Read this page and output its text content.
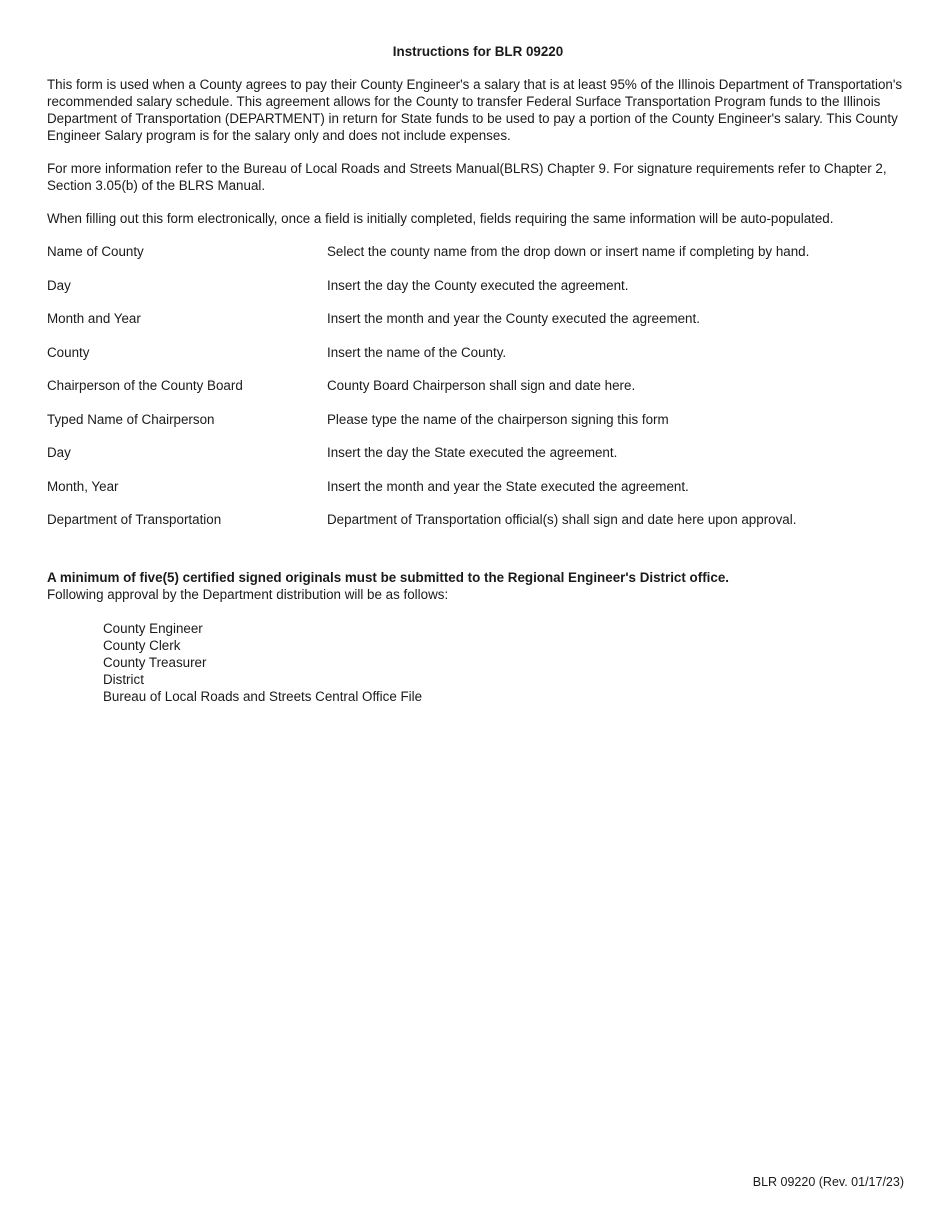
Instructions for BLR 09220

This form is used when a County agrees to pay their County Engineer's a salary that is at least 95% of the Illinois Department of Transportation's recommended salary schedule. This agreement allows for the County to transfer Federal Surface Transportation Program funds to the Illinois Department of Transportation (DEPARTMENT) in return for State funds to be used to pay a portion of the County Engineer's salary. This County Engineer Salary program is for the salary only and does not include expenses.

For more information refer to the Bureau of Local Roads and Streets Manual(BLRS) Chapter 9. For signature requirements refer to Chapter 2, Section 3.05(b) of the BLRS Manual.

When filling out this form electronically, once a field is initially completed, fields requiring the same information will be auto-populated.

Name of County	Select the county name from the drop down or insert name if completing by hand.
Day	Insert the day the County executed the agreement.
Month and Year	Insert the month and year the County executed the agreement.
County	Insert the name of the County.
Chairperson of the County Board	County Board Chairperson shall sign and date here.
Typed Name of Chairperson	Please type the name of the chairperson signing this form
Day	Insert the day the State executed the agreement.
Month, Year	Insert the month and year the State executed the agreement.
Department of Transportation	Department of Transportation official(s) shall sign and date here upon approval.
A minimum of five(5) certified signed originals must be submitted to the Regional Engineer's District office.
Following approval by the Department distribution will be as follows:
County Engineer
County Clerk
County Treasurer
District
Bureau of Local Roads and Streets Central Office File
BLR 09220 (Rev. 01/17/23)
